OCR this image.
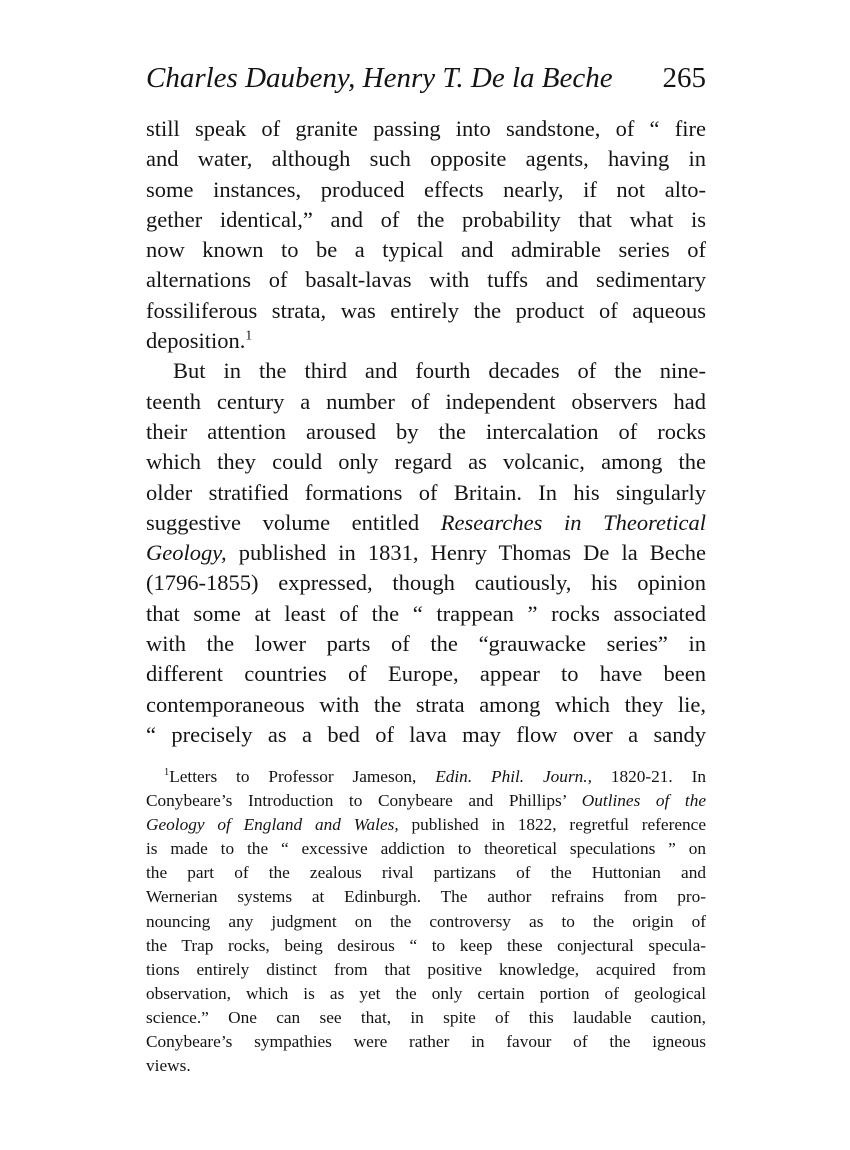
Charles Daubeny, Henry T. De la Beche 265
still speak of granite passing into sandstone, of “ fire
and water, although such opposite agents, having in
some instances, produced effects nearly, if not alto-
gether identical,” and of the probability that what is
now known to be a typical and admirable series of
alternations of basalt-lavas with tuffs and sedimentary
fossiliferous strata, was entirely the product of aqueous
deposition.$^1$
But in the third and fourth decades of the nine-
teenth century a number of independent observers had
their attention aroused by the intercalation of rocks
which they could only regard as volcanic, among the
older stratified formations of Britain. In his singularly
suggestive volume entitled Researches in Theoretical
Geology, published in 1831, Henry Thomas De la Beche
(1796-1855) expressed, though cautiously, his opinion
that some at least of the “ trappean ” rocks associated
with the lower parts of the “grauwacke series” in
different countries of Europe, appear to have been
contemporaneous with the strata among which they lie,
“ precisely as a bed of lava may flow over a sandy
$^1$Letters to Professor Jameson, Edin. Phil. Journ., 1820-21. In
Conybeare’s Introduction to Conybeare and Phillips’ Outlines of the
Geology of England and Wales, published in 1822, regretful reference
is made to the “ excessive addiction to theoretical speculations ” on
the part of the zealous rival partizans of the Huttonian and
Wernerian systems at Edinburgh. The author refrains from pro-
nouncing any judgment on the controversy as to the origin of
the Trap rocks, being desirous “ to keep these conjectural specula-
tions entirely distinct from that positive knowledge, acquired from
observation, which is as yet the only certain portion of geological
science.” One can see that, in spite of this laudable caution,
Conybeare’s sympathies were rather in favour of the igneous
views.
